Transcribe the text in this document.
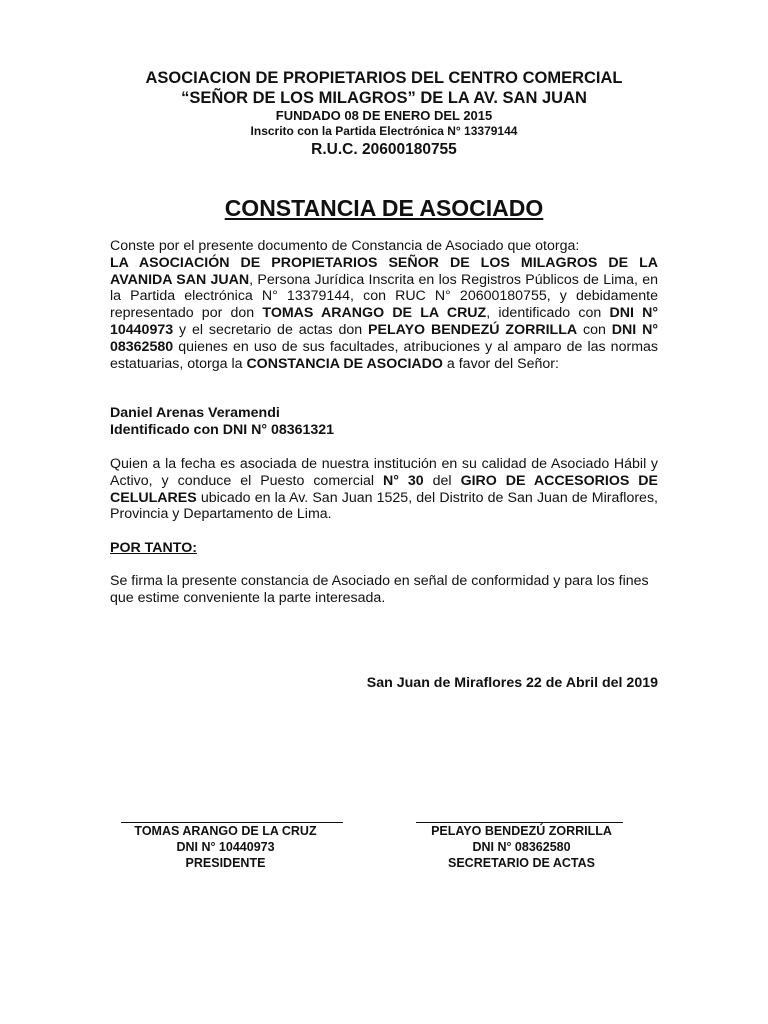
ASOCIACION DE PROPIETARIOS DEL CENTRO COMERCIAL
“SEÑOR DE LOS MILAGROS” DE LA AV. SAN JUAN
FUNDADO 08 DE ENERO DEL 2015
Inscrito con la Partida Electrónica N° 13379144
R.U.C. 20600180755
CONSTANCIA DE ASOCIADO
Conste por el presente documento de Constancia de Asociado que otorga:
LA ASOCIACIÓN DE PROPIETARIOS SEÑOR DE LOS MILAGROS DE LA AVANIDA SAN JUAN, Persona Jurídica Inscrita en los Registros Públicos de Lima, en la Partida electrónica N° 13379144, con RUC N° 20600180755, y debidamente representado por don TOMAS ARANGO DE LA CRUZ, identificado con DNI N° 10440973 y el secretario de actas don PELAYO BENDEZÚ ZORRILLA con DNI N° 08362580 quienes en uso de sus facultades, atribuciones y al amparo de las normas estatuarias, otorga la CONSTANCIA DE ASOCIADO a favor del Señor:
Daniel Arenas Veramendi
Identificado con DNI N° 08361321
Quien a la fecha es asociada de nuestra institución en su calidad de Asociado Hábil y Activo, y conduce el Puesto comercial N° 30 del GIRO DE ACCESORIOS DE CELULARES ubicado en la Av. San Juan 1525, del Distrito de San Juan de Miraflores, Provincia y Departamento de Lima.
POR TANTO:
Se firma la presente constancia de Asociado en señal de conformidad y para los fines que estime conveniente la parte interesada.
San Juan de Miraflores 22 de Abril del 2019
TOMAS ARANGO DE LA CRUZ
DNI N° 10440973
PRESIDENTE
PELAYO BENDEZÚ ZORRILLA
DNI N° 08362580
SECRETARIO DE ACTAS
